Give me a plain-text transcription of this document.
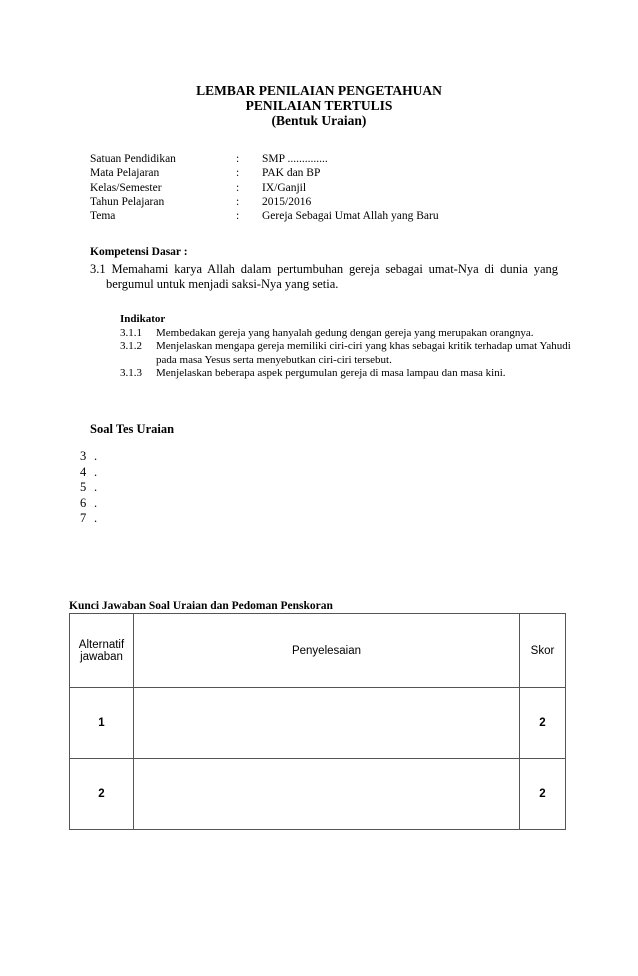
LEMBAR PENILAIAN PENGETAHUAN
PENILAIAN TERTULIS
(Bentuk Uraian)
Satuan Pendidikan	: SMP ..............
Mata Pelajaran	: PAK dan BP
Kelas/Semester	: IX/Ganjil
Tahun Pelajaran	: 2015/2016
Tema	: Gereja Sebagai Umat Allah yang Baru
Kompetensi Dasar :
3.1 Memahami karya Allah dalam pertumbuhan gereja sebagai umat-Nya di dunia yang
bergumul untuk menjadi saksi-Nya yang setia.
Indikator
3.1.1 Membedakan gereja yang hanyalah gedung dengan gereja yang merupakan orangnya.
3.1.2 Menjelaskan mengapa gereja memiliki ciri-ciri yang khas sebagai kritik terhadap umat Yahudi pada masa Yesus serta menyebutkan ciri-ciri tersebut.
3.1.3 Menjelaskan beberapa aspek pergumulan gereja di masa lampau dan masa kini.
Soal Tes Uraian
3 .
4 .
5 .
6 .
7 .
Kunci Jawaban Soal Uraian dan Pedoman Penskoran
Alternatif
jawaban	Penyelesaian	Skor
1		2
2		2
